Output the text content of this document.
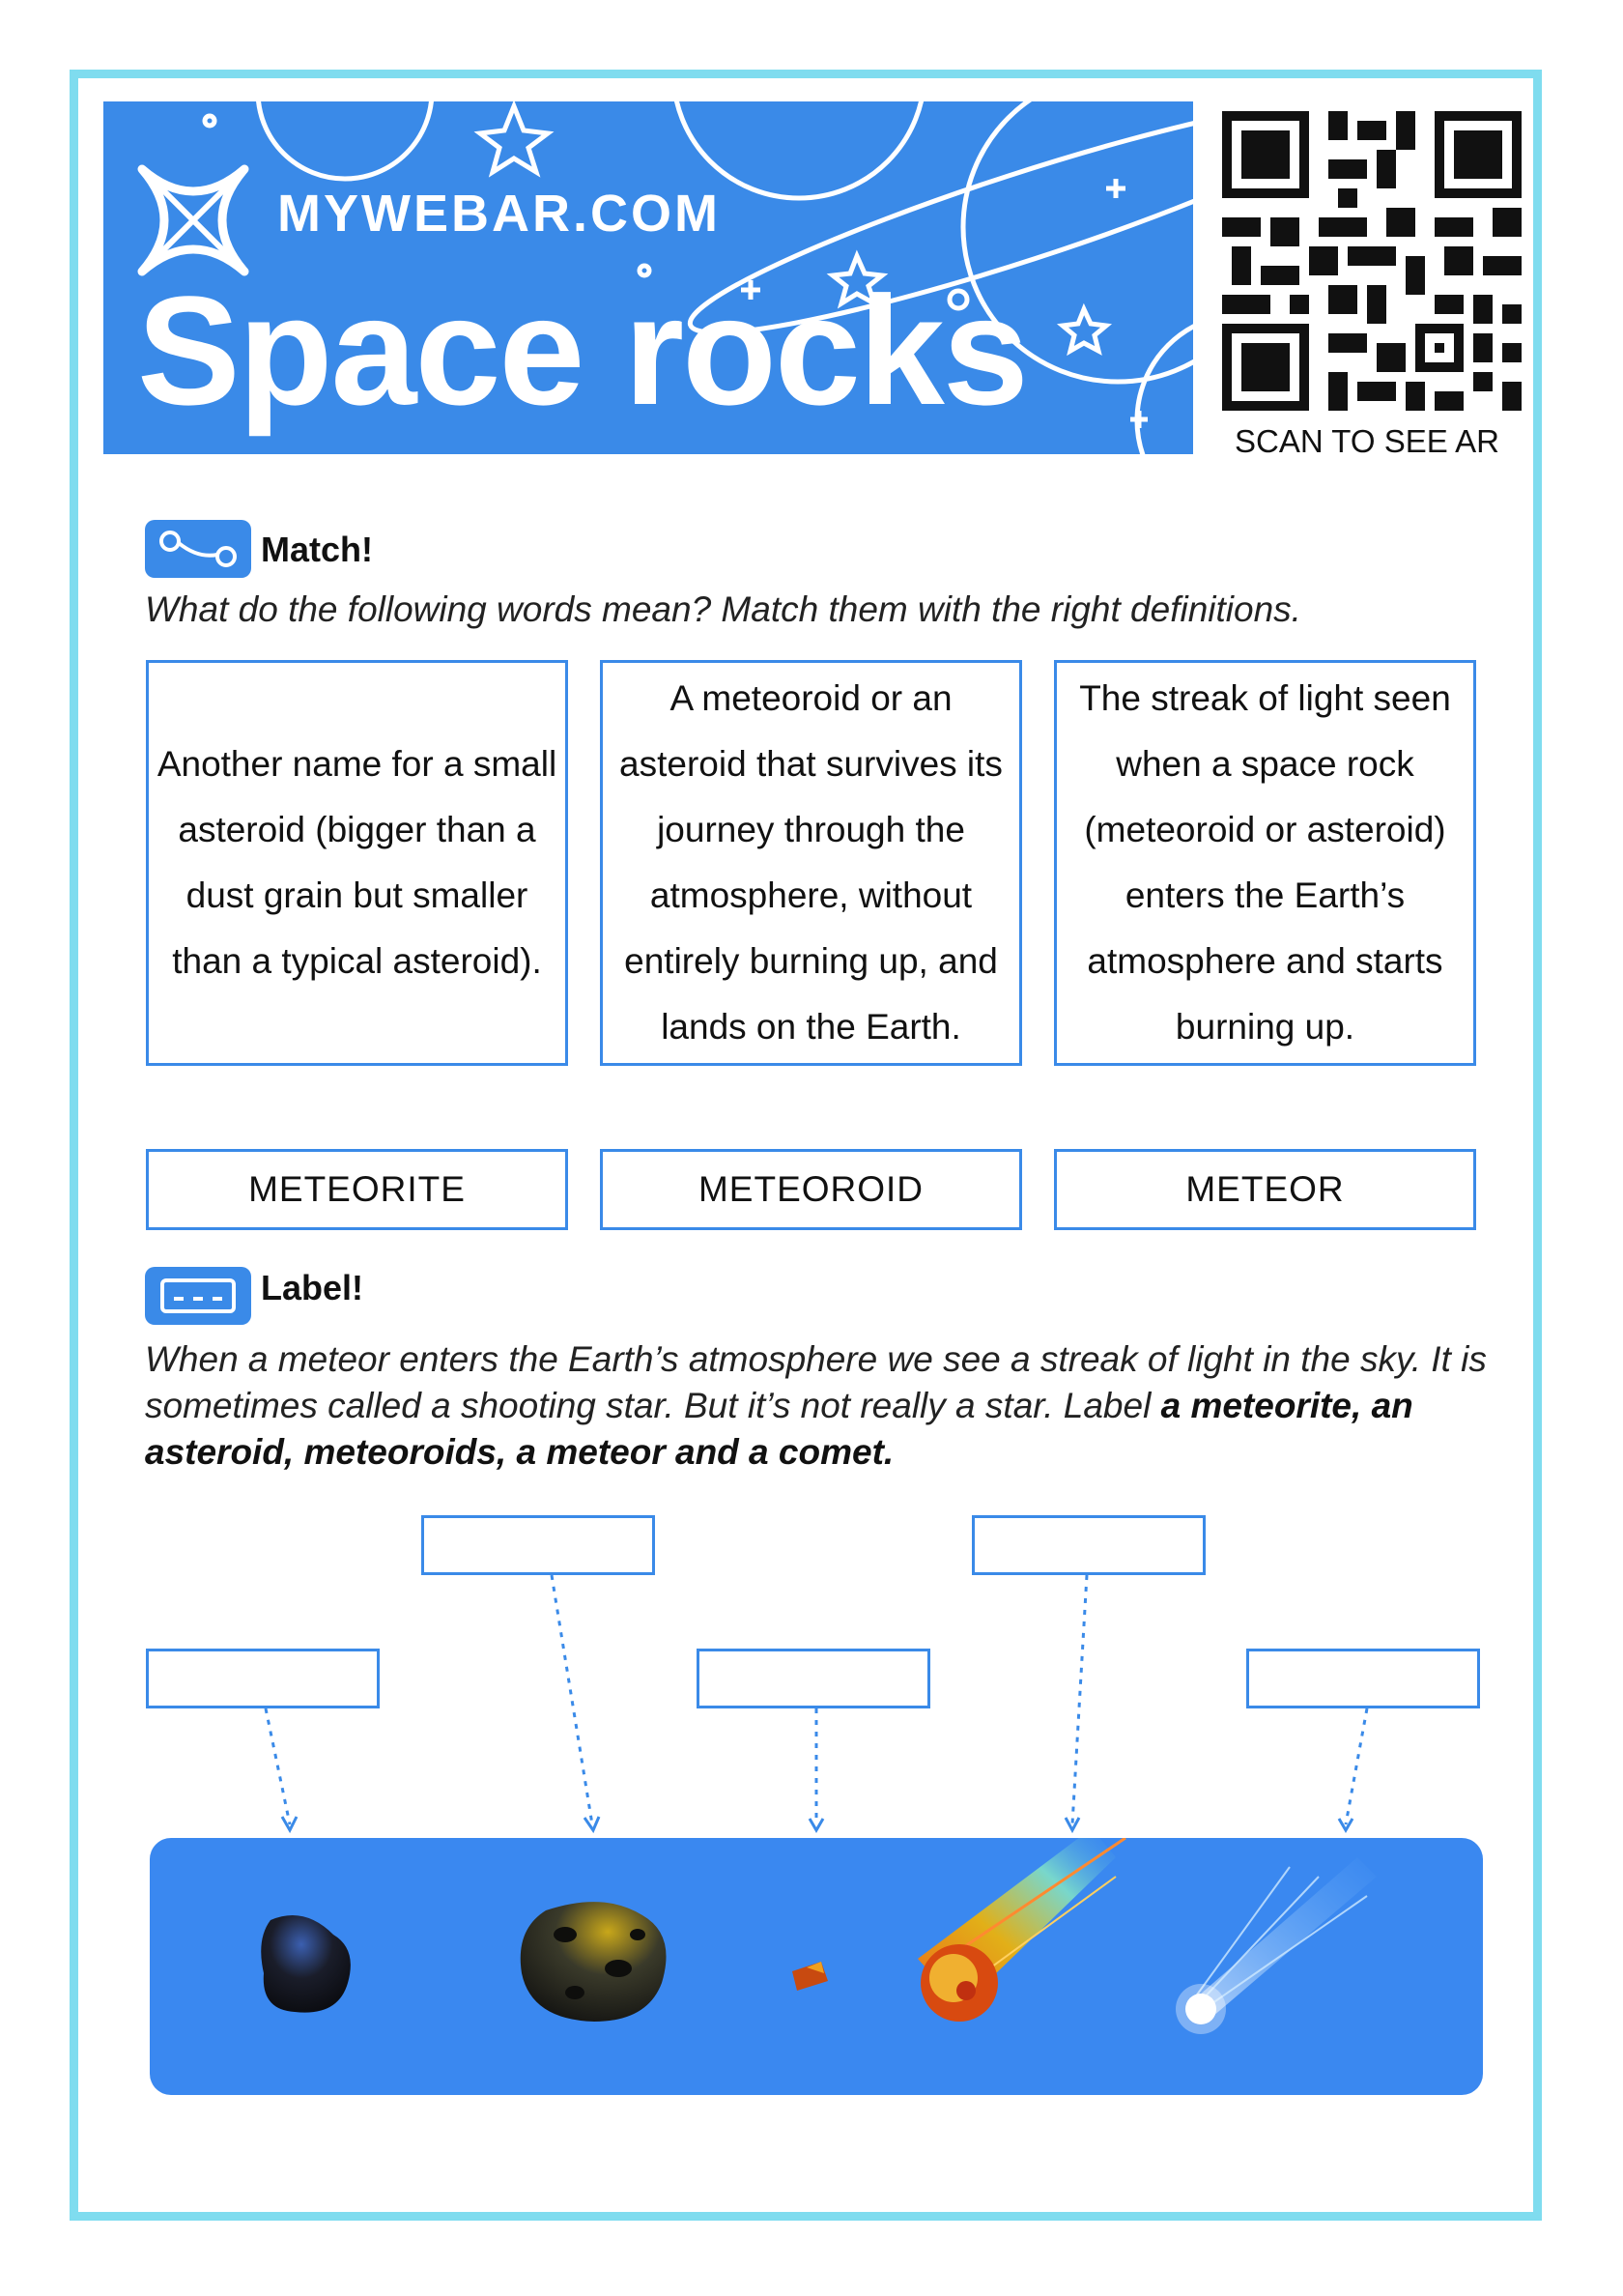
MYWEBAR.COM
Space rocks
SCAN TO SEE AR
Match!
What do the following words mean? Match them with the right definitions.
Another name for a small asteroid (bigger than a dust grain but smaller than a typical asteroid).
A meteoroid or an asteroid that survives its journey through the atmosphere, without entirely burning up, and lands on the Earth.
The streak of light seen when a space rock (meteoroid or asteroid) enters the Earth’s atmosphere and starts burning up.
METEORITE	METEOROID	METEOR
Label!
When a meteor enters the Earth’s atmosphere we see a streak of light in the sky. It is sometimes called a shooting star. But it’s not really a star. Label a meteorite, an asteroid, meteoroids, a meteor and a comet.
